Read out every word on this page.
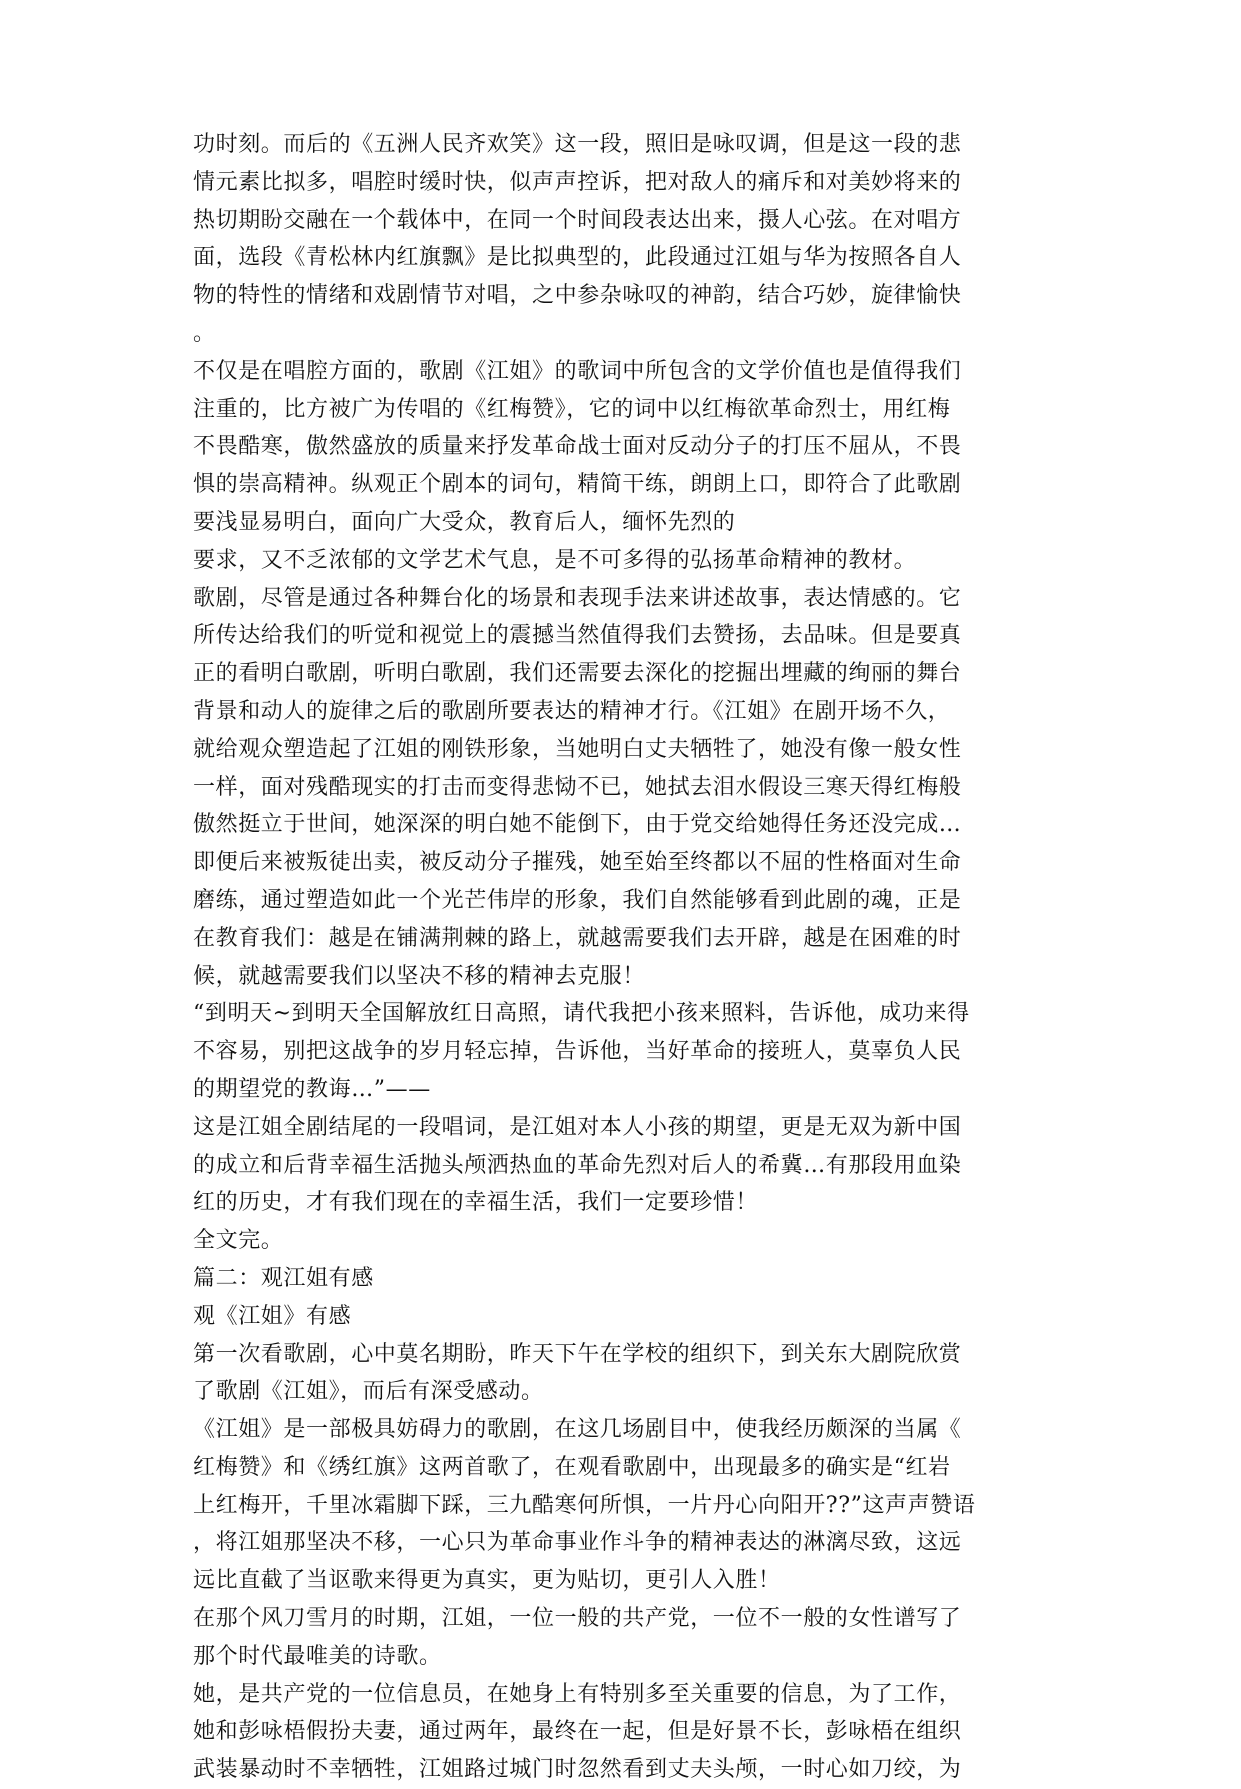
功时刻。而后的《五洲人民齐欢笑》这一段，照旧是咏叹调，但是这一段的悲
情元素比拟多，唱腔时缓时快，似声声控诉，把对敌人的痛斥和对美妙将来的
热切期盼交融在一个载体中，在同一个时间段表达出来，摄人心弦。在对唱方
面，选段《青松林内红旗飘》是比拟典型的，此段通过江姐与华为按照各自人
物的特性的情绪和戏剧情节对唱，之中参杂咏叹的神韵，结合巧妙，旋律愉快
。
不仅是在唱腔方面的，歌剧《江姐》的歌词中所包含的文学价值也是值得我们
注重的，比方被广为传唱的《红梅赞》，它的词中以红梅欲革命烈士，用红梅
不畏酷寒，傲然盛放的质量来抒发革命战士面对反动分子的打压不屈从，不畏
惧的崇高精神。纵观正个剧本的词句，精简干练，朗朗上口，即符合了此歌剧
要浅显易明白，面向广大受众，教育后人，缅怀先烈的
要求，又不乏浓郁的文学艺术气息，是不可多得的弘扬革命精神的教材。
歌剧，尽管是通过各种舞台化的场景和表现手法来讲述故事，表达情感的。它
所传达给我们的听觉和视觉上的震撼当然值得我们去赞扬，去品味。但是要真
正的看明白歌剧，听明白歌剧，我们还需要去深化的挖掘出埋藏的绚丽的舞台
背景和动人的旋律之后的歌剧所要表达的精神才行。《江姐》在剧开场不久，
就给观众塑造起了江姐的刚铁形象，当她明白丈夫牺牲了，她没有像一般女性
一样，面对残酷现实的打击而变得悲恸不已，她拭去泪水假设三寒天得红梅般
傲然挺立于世间，她深深的明白她不能倒下，由于党交给她得任务还没完成…
即便后来被叛徒出卖，被反动分子摧残，她至始至终都以不屈的性格面对生命
磨练，通过塑造如此一个光芒伟岸的形象，我们自然能够看到此剧的魂，正是
在教育我们：越是在铺满荆棘的路上，就越需要我们去开辟，越是在困难的时
候，就越需要我们以坚决不移的精神去克服！
“到明天~到明天全国解放红日高照，请代我把小孩来照料，告诉他，成功来得
不容易，别把这战争的岁月轻忘掉，告诉他，当好革命的接班人，莫辜负人民
的期望党的教诲…”——
这是江姐全剧结尾的一段唱词，是江姐对本人小孩的期望，更是无双为新中国
的成立和后背幸福生活抛头颅洒热血的革命先烈对后人的希冀…有那段用血染
红的历史，才有我们现在的幸福生活，我们一定要珍惜！
全文完。
篇二：观江姐有感
观《江姐》有感
第一次看歌剧，心中莫名期盼，昨天下午在学校的组织下，到关东大剧院欣赏
了歌剧《江姐》，而后有深受感动。
《江姐》是一部极具妨碍力的歌剧，在这几场剧目中，使我经历颇深的当属《
红梅赞》和《绣红旗》这两首歌了，在观看歌剧中，出现最多的确实是“红岩
上红梅开，千里冰霜脚下踩，三九酷寒何所惧，一片丹心向阳开??”这声声赞语
，将江姐那坚决不移，一心只为革命事业作斗争的精神表达的淋漓尽致，这远
远比直截了当讴歌来得更为真实，更为贴切，更引人入胜！
在那个风刀雪月的时期，江姐，一位一般的共产党，一位不一般的女性谱写了
那个时代最唯美的诗歌。
她，是共产党的一位信息员，在她身上有特别多至关重要的信息，为了工作，
她和彭咏梧假扮夫妻，通过两年，最终在一起，但是好景不长，彭咏梧在组织
武装暴动时不幸牺牲，江姐路过城门时忽然看到丈夫头颅，一时心如刀绞，为
